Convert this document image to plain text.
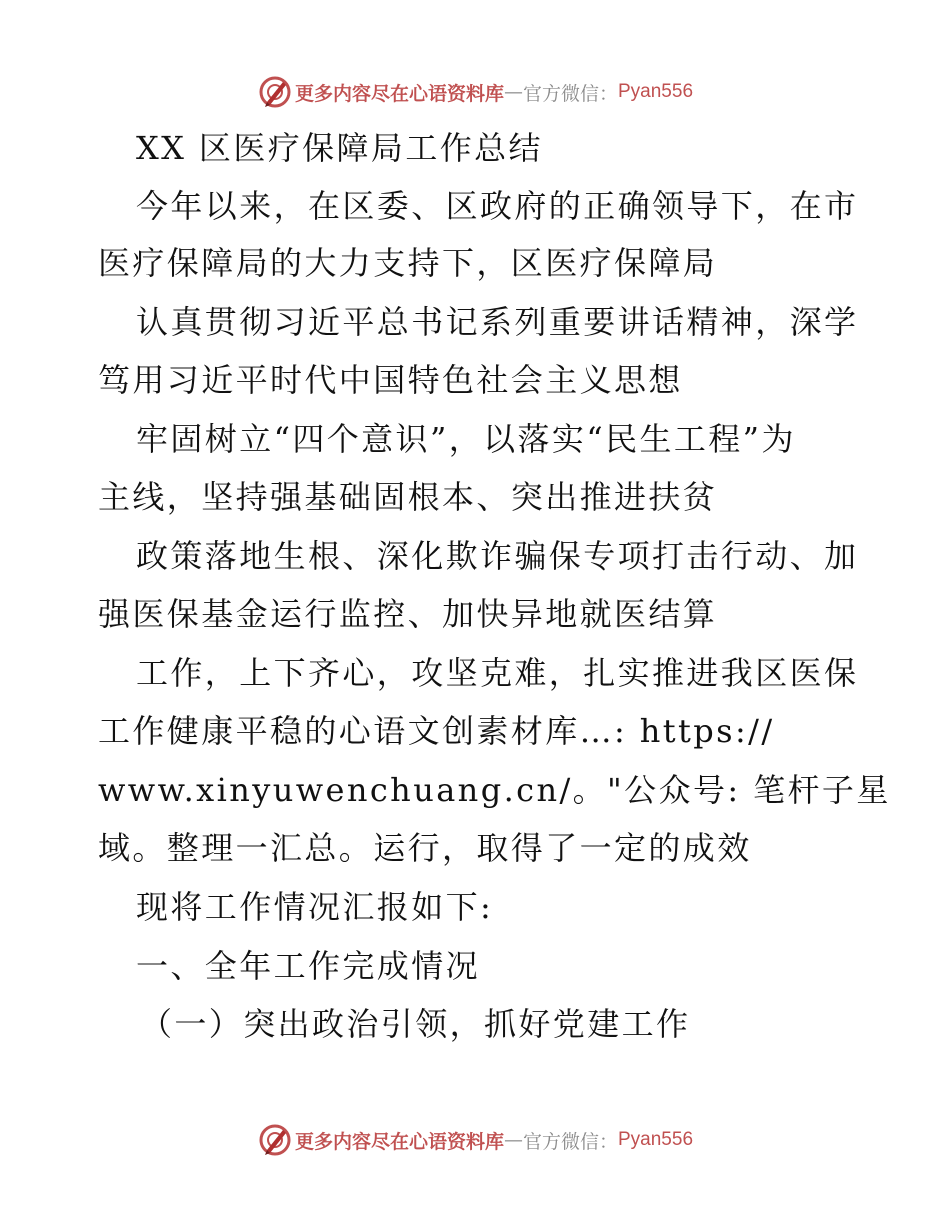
更多内容尽在心语资料库 — 官方微信： Pyan556
XX 区医疗保障局工作总结
今年以来，在区委、区政府的正确领导下，在市
医疗保障局的大力支持下，区医疗保障局
认真贯彻习近平总书记系列重要讲话精神，深学
笃用习近平时代中国特色社会主义思想
牢固树立“四个意识”，以落实“民生工程”为
主线，坚持强基础固根本、突出推进扶贫
政策落地生根、深化欺诈骗保专项打击行动、加
强医保基金运行监控、加快异地就医结算
工作，上下齐心，攻坚克难，扎实推进我区医保
工作健康平稳的心语文创素材库…: https://
www.xinyuwenchuang.cn/。"公众号: 笔杆子星
域。整理一汇总。运行，取得了一定的成效
现将工作情况汇报如下:
一、全年工作完成情况
（一）突出政治引领，抓好党建工作
更多内容尽在心语资料库 — 官方微信： Pyan556
